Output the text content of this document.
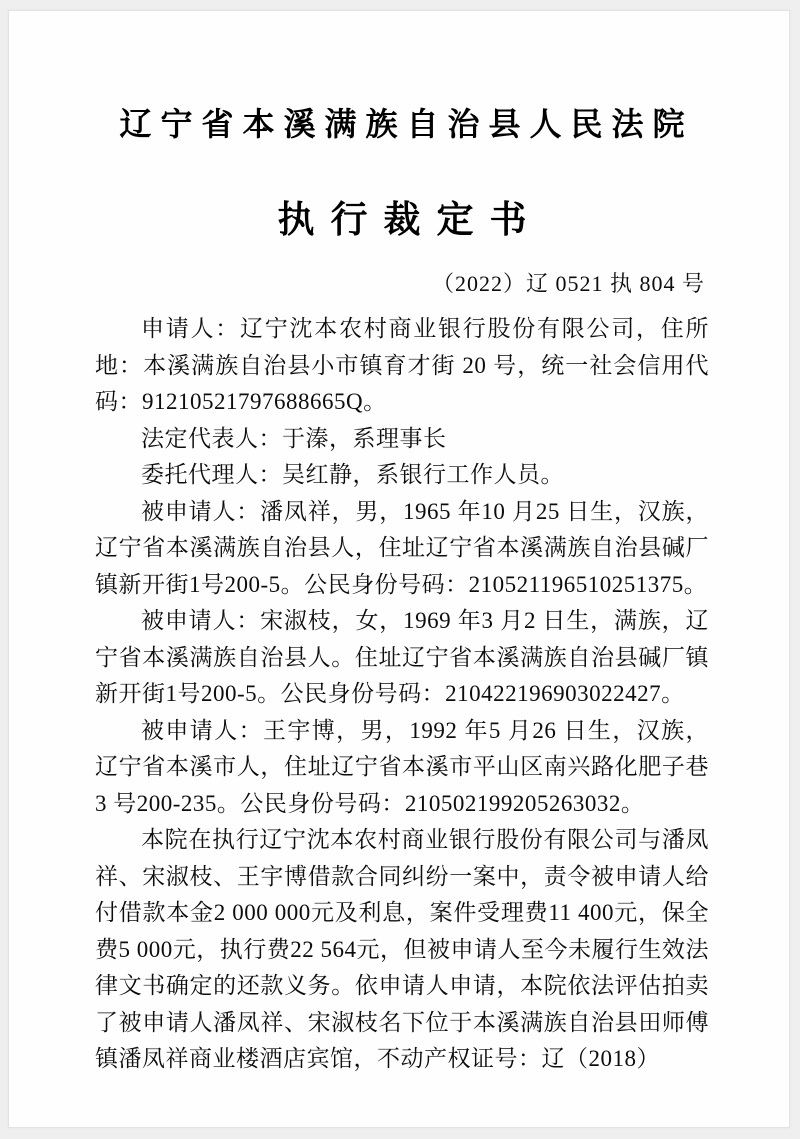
辽宁省本溪满族自治县人民法院
执行裁定书
（2022）辽 0521 执 804 号

申请人：辽宁沈本农村商业银行股份有限公司，住所地：本溪满族自治县小市镇育才街 20 号，统一社会信用代码：91210521797688665Q。

法定代表人：于溱，系理事长

委托代理人：吴红静，系银行工作人员。

被申请人：潘凤祥，男，1965 年10 月25 日生，汉族，辽宁省本溪满族自治县人，住址辽宁省本溪满族自治县碱厂镇新开街1号200-5。公民身份号码：210521196510251375。

被申请人：宋淑枝，女，1969 年3 月2 日生，满族，辽宁省本溪满族自治县人。住址辽宁省本溪满族自治县碱厂镇新开街1号200-5。公民身份号码：210422196903022427。

被申请人：王宇博，男，1992 年5 月26 日生，汉族，辽宁省本溪市人，住址辽宁省本溪市平山区南兴路化肥子巷3 号200-235。公民身份号码：210502199205263032。

本院在执行辽宁沈本农村商业银行股份有限公司与潘凤祥、宋淑枝、王宇博借款合同纠纷一案中，责令被申请人给付借款本金2 000 000元及利息，案件受理费11 400元，保全费5 000元，执行费22 564元，但被申请人至今未履行生效法律文书确定的还款义务。依申请人申请，本院依法评估拍卖了被申请人潘凤祥、宋淑枝名下位于本溪满族自治县田师傅镇潘凤祥商业楼酒店宾馆，不动产权证号：辽（2018）
